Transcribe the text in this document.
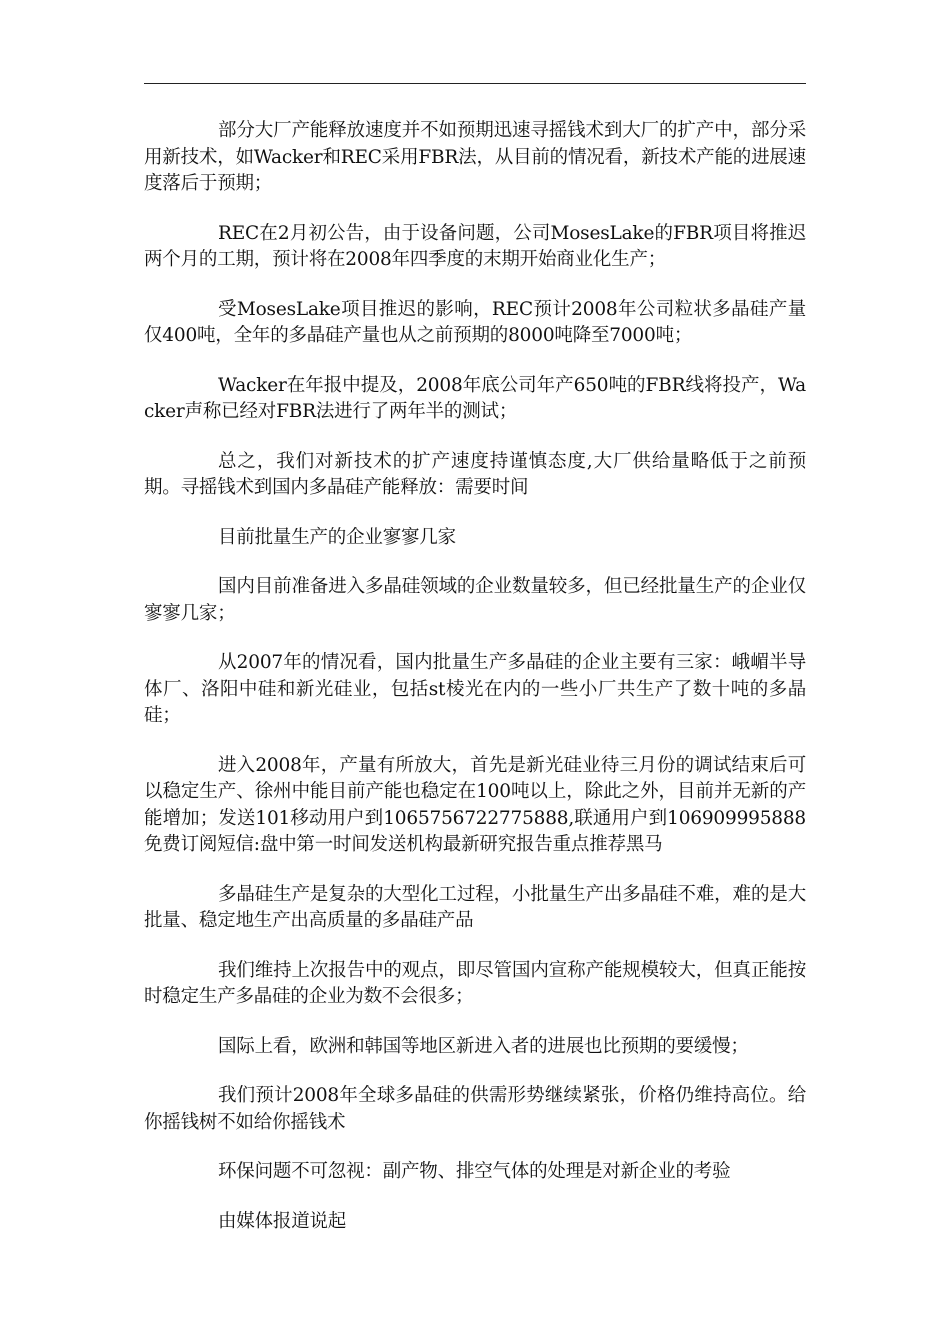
部分大厂产能释放速度并不如预期迅速寻摇钱术到大厂的扩产中，部分采用新技术，如Wacker和REC采用FBR法，从目前的情况看，新技术产能的进展速度落后于预期；

REC在2月初公告，由于设备问题，公司MosesLake的FBR项目将推迟两个月的工期，预计将在2008年四季度的末期开始商业化生产；

受MosesLake项目推迟的影响，REC预计2008年公司粒状多晶硅产量仅400吨，全年的多晶硅产量也从之前预期的8000吨降至7000吨；

Wacker在年报中提及，2008年底公司年产650吨的FBR线将投产，Wacker声称已经对FBR法进行了两年半的测试；

总之，我们对新技术的扩产速度持谨慎态度,大厂供给量略低于之前预期。寻摇钱术到国内多晶硅产能释放：需要时间

目前批量生产的企业寥寥几家

国内目前准备进入多晶硅领域的企业数量较多，但已经批量生产的企业仅寥寥几家；

从2007年的情况看，国内批量生产多晶硅的企业主要有三家：峨嵋半导体厂、洛阳中硅和新光硅业，包括st棱光在内的一些小厂共生产了数十吨的多晶硅；

进入2008年，产量有所放大，首先是新光硅业待三月份的调试结束后可以稳定生产、徐州中能目前产能也稳定在100吨以上，除此之外，目前并无新的产能增加；发送101移动用户到1065756722775888,联通用户到106909995888免费订阅短信:盘中第一时间发送机构最新研究报告重点推荐黑马

多晶硅生产是复杂的大型化工过程，小批量生产出多晶硅不难，难的是大批量、稳定地生产出高质量的多晶硅产品

我们维持上次报告中的观点，即尽管国内宣称产能规模较大，但真正能按时稳定生产多晶硅的企业为数不会很多；

国际上看，欧洲和韩国等地区新进入者的进展也比预期的要缓慢；

我们预计2008年全球多晶硅的供需形势继续紧张，价格仍维持高位。给你摇钱树不如给你摇钱术

环保问题不可忽视：副产物、排空气体的处理是对新企业的考验

由媒体报道说起
